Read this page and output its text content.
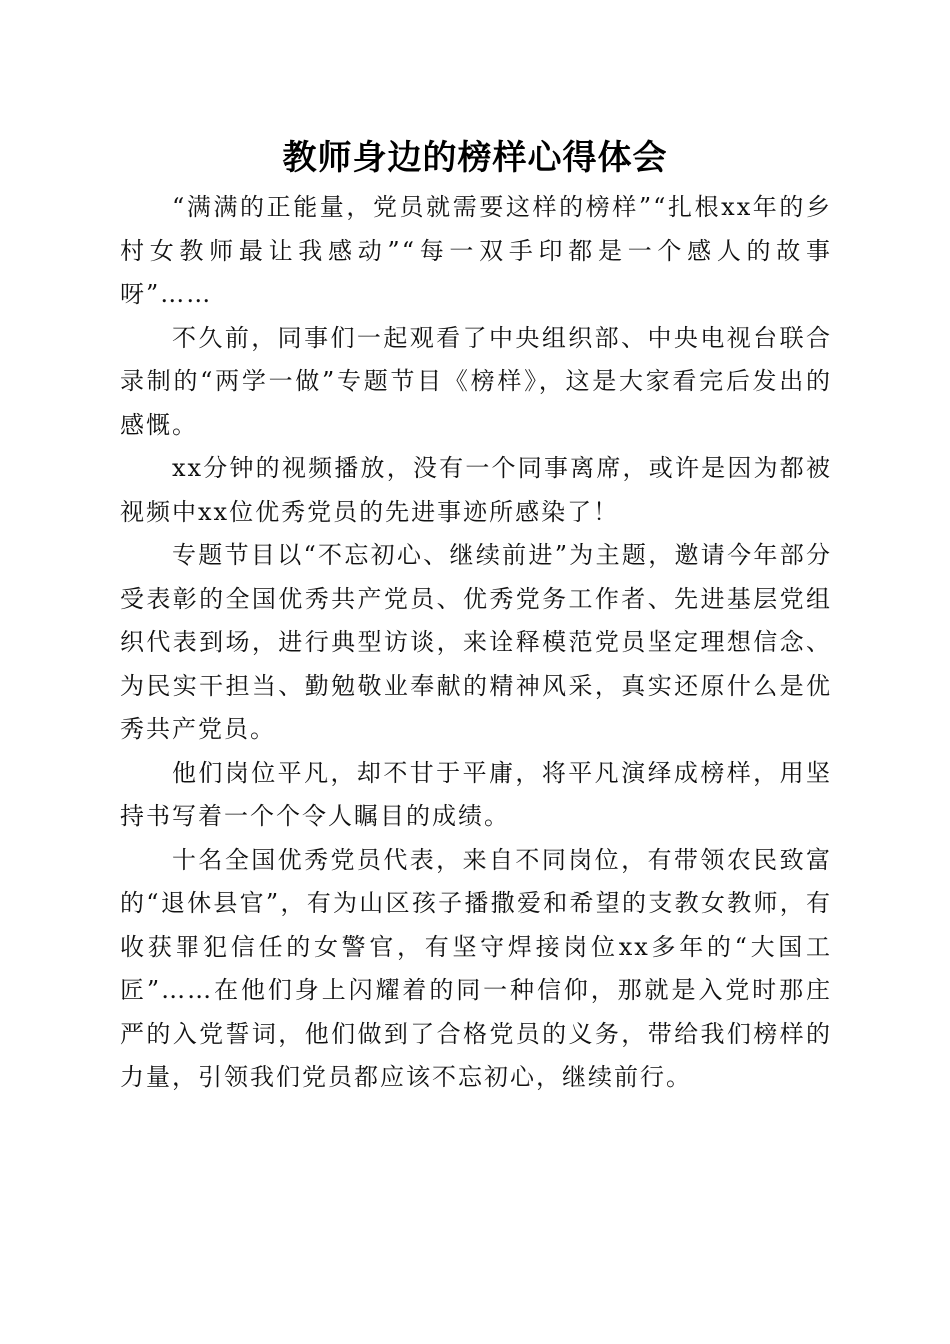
教师身边的榜样心得体会

“满满的正能量，党员就需要这样的榜样”“扎根xx年的乡村女教师最让我感动”“每一双手印都是一个感人的故事呀”……

不久前，同事们一起观看了中央组织部、中央电视台联合录制的“两学一做”专题节目《榜样》，这是大家看完后发出的感慨。

xx分钟的视频播放，没有一个同事离席，或许是因为都被视频中xx位优秀党员的先进事迹所感染了！

专题节目以“不忘初心、继续前进”为主题，邀请今年部分受表彰的全国优秀共产党员、优秀党务工作者、先进基层党组织代表到场，进行典型访谈，来诠释模范党员坚定理想信念、为民实干担当、勤勉敬业奉献的精神风采，真实还原什么是优秀共产党员。

他们岗位平凡，却不甘于平庸，将平凡演绎成榜样，用坚持书写着一个个令人瞩目的成绩。

十名全国优秀党员代表，来自不同岗位，有带领农民致富的“退休县官”，有为山区孩子播撒爱和希望的支教女教师，有收获罪犯信任的女警官，有坚守焊接岗位xx多年的“大国工匠”……在他们身上闪耀着的同一种信仰，那就是入党时那庄严的入党誓词，他们做到了合格党员的义务，带给我们榜样的力量，引领我们党员都应该不忘初心，继续前行。
